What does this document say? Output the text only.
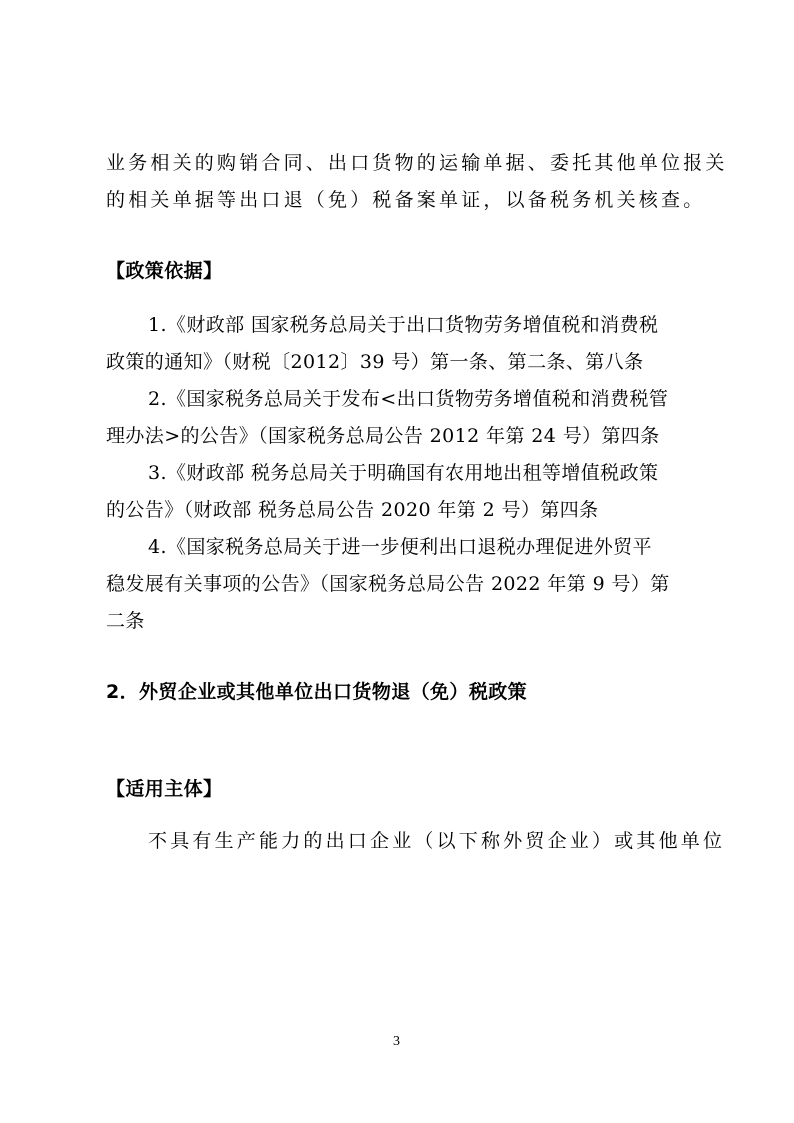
业务相关的购销合同、出口货物的运输单据、委托其他单位报关
的相关单据等出口退（免）税备案单证，以备税务机关核查。
【政策依据】
1.《财政部 国家税务总局关于出口货物劳务增值税和消费税
政策的通知》（财税〔2012〕39 号）第一条、第二条、第八条
2.《国家税务总局关于发布<出口货物劳务增值税和消费税管
理办法>的公告》（国家税务总局公告 2012 年第 24 号）第四条
3.《财政部 税务总局关于明确国有农用地出租等增值税政策
的公告》（财政部 税务总局公告 2020 年第 2 号）第四条
4.《国家税务总局关于进一步便利出口退税办理促进外贸平
稳发展有关事项的公告》（国家税务总局公告 2022 年第 9 号）第
二条
2．外贸企业或其他单位出口货物退（免）税政策
【适用主体】
不具有生产能力的出口企业（以下称外贸企业）或其他单位
3
